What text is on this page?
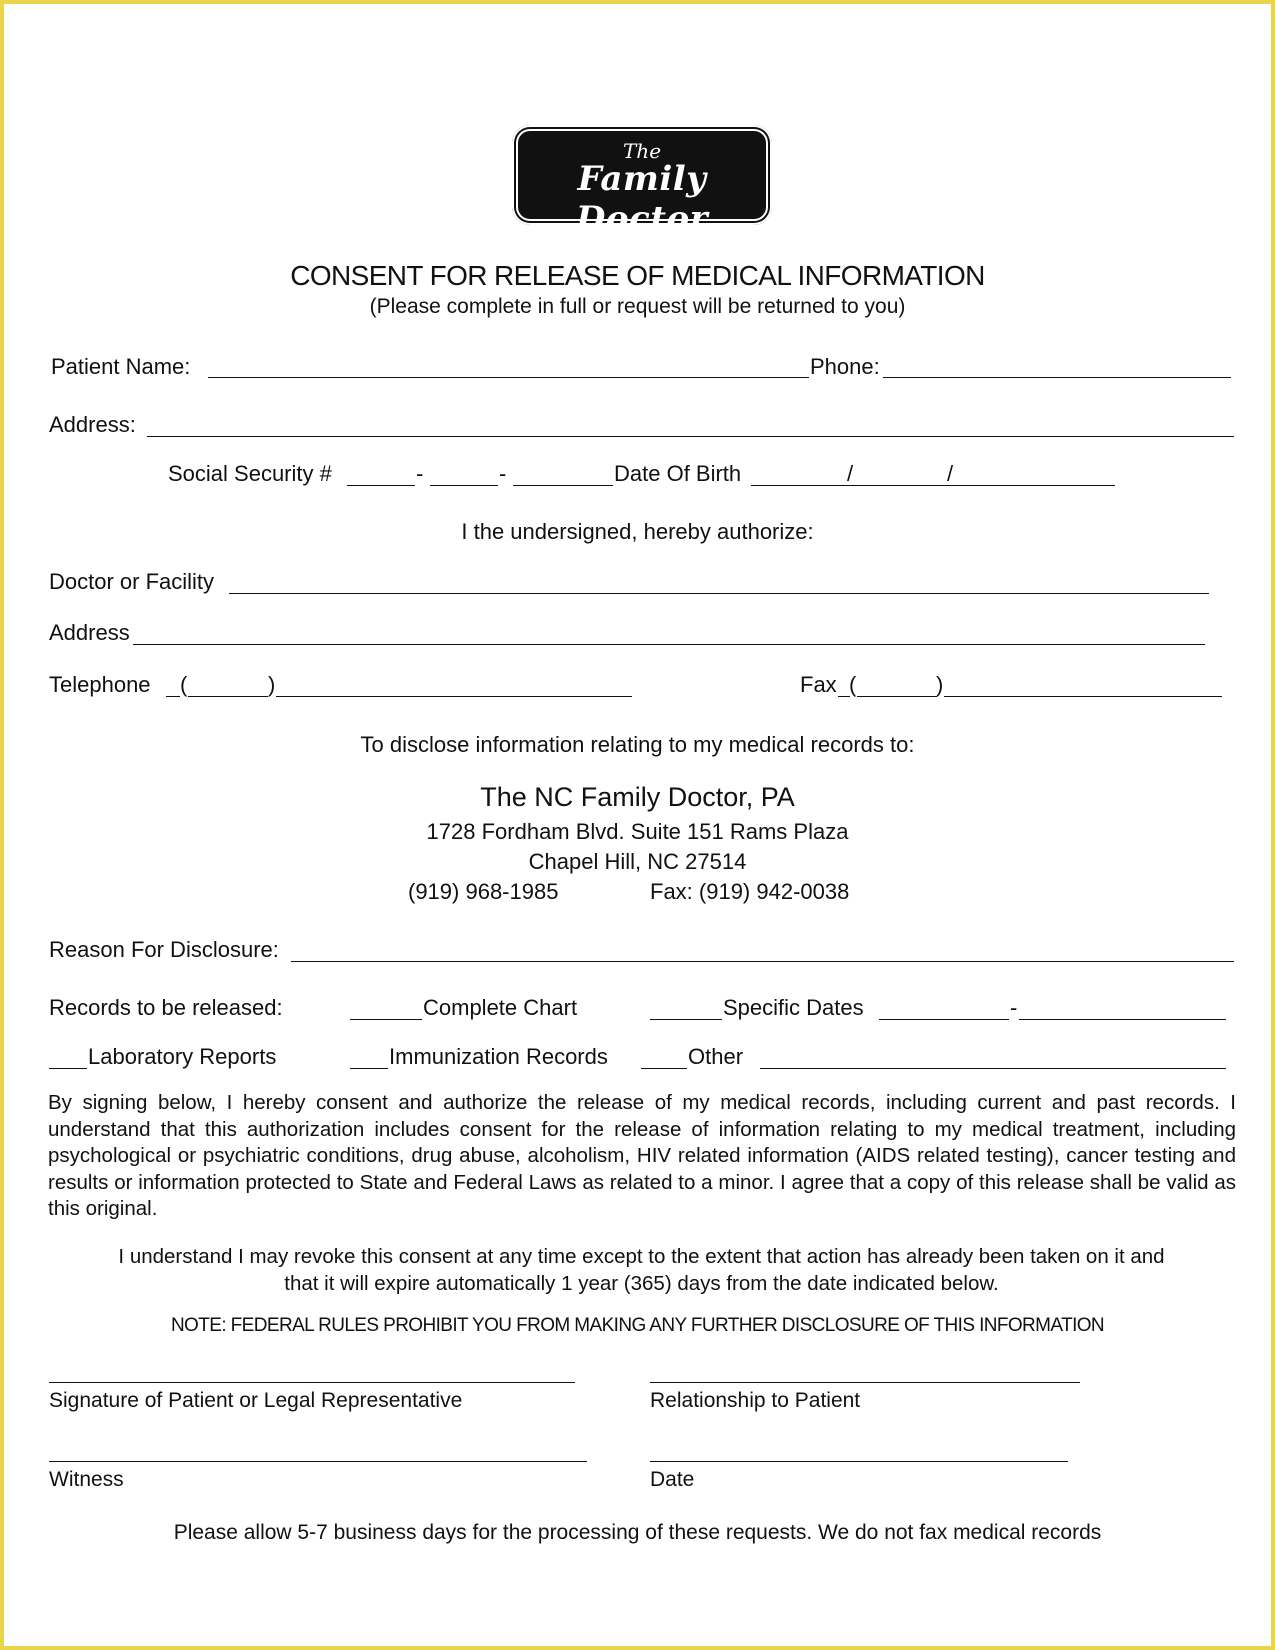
The
Family Doctor
CONSENT FOR RELEASE OF MEDICAL INFORMATION
(Please complete in full or request will be returned to you)
Patient Name:	Phone:
Address:
Social Security #	-	-	Date Of Birth	/	/
I the undersigned, hereby authorize:
Doctor or Facility
Address
Telephone (	)	Fax (	)
To disclose information relating to my medical records to:
The NC Family Doctor, PA
1728 Fordham Blvd. Suite 151 Rams Plaza
Chapel Hill, NC 27514
(919) 968-1985	Fax: (919) 942-0038
Reason For Disclosure:
Records to be released:	Complete Chart	Specific Dates	-
Laboratory Reports	Immunization Records	Other
By signing below, I hereby consent and authorize the release of my medical records, including current and past records. I understand that this authorization includes consent for the release of information relating to my medical treatment, including psychological or psychiatric conditions, drug abuse, alcoholism, HIV related information (AIDS related testing), cancer testing and results or information protected to State and Federal Laws as related to a minor. I agree that a copy of this release shall be valid as this original.
I understand I may revoke this consent at any time except to the extent that action has already been taken on it and that it will expire automatically 1 year (365) days from the date indicated below.
NOTE: FEDERAL RULES PROHIBIT YOU FROM MAKING ANY FURTHER DISCLOSURE OF THIS INFORMATION
Signature of Patient or Legal Representative	Relationship to Patient
Witness	Date
Please allow 5-7 business days for the processing of these requests. We do not fax medical records
